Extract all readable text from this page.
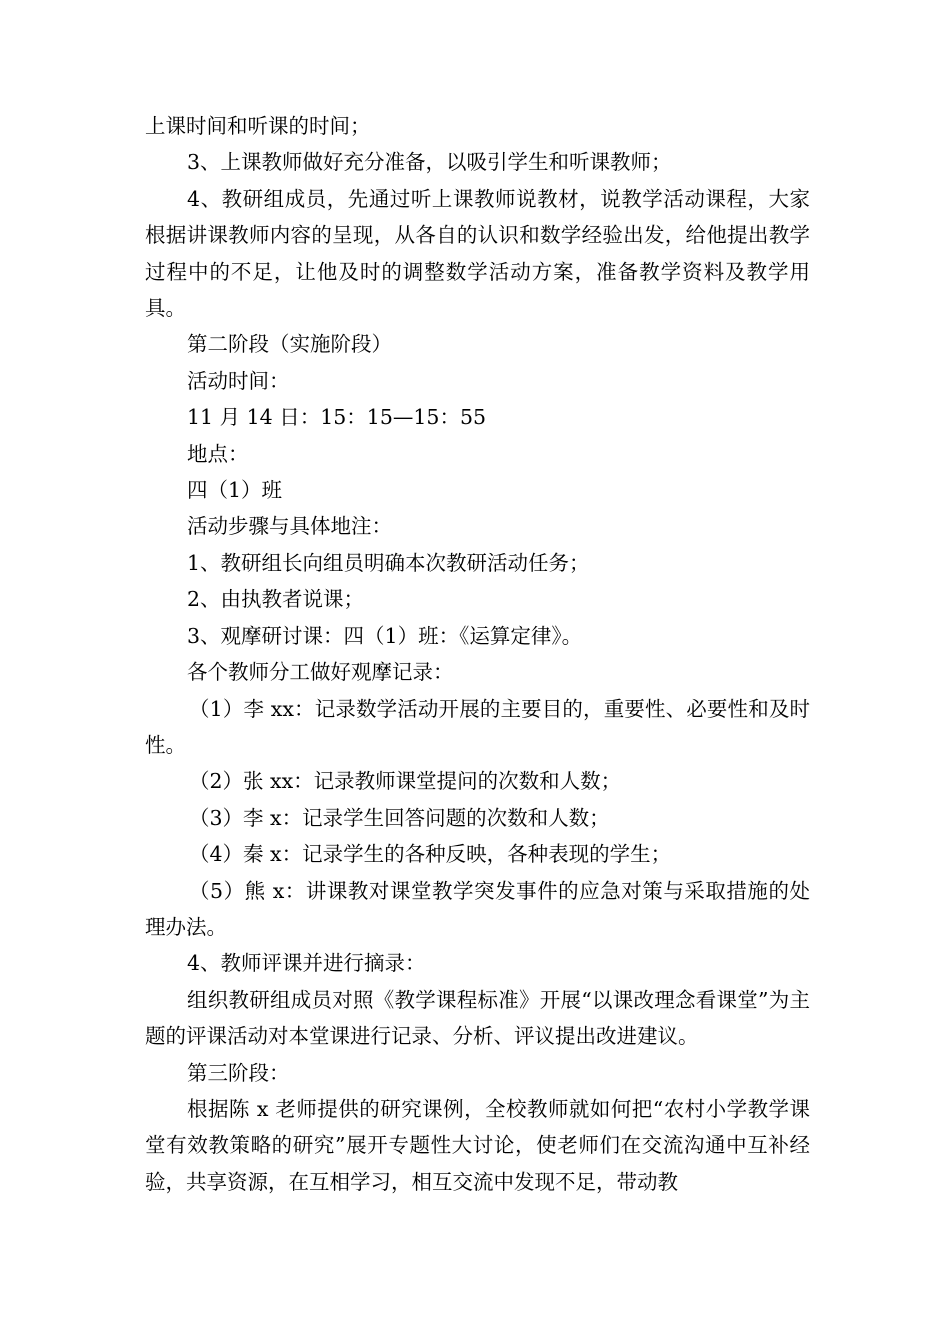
上课时间和听课的时间；

3、上课教师做好充分准备，以吸引学生和听课教师；

4、教研组成员，先通过听上课教师说教材，说教学活动课程，大家根据讲课教师内容的呈现，从各自的认识和数学经验出发，给他提出教学过程中的不足，让他及时的调整数学活动方案，准备教学资料及教学用具。

第二阶段（实施阶段）

活动时间：

11 月 14 日：15：15—15：55

地点：

四（1）班

活动步骤与具体地注：

1、教研组长向组员明确本次教研活动任务；

2、由执教者说课；

3、观摩研讨课：四（1）班：《运算定律》。

各个教师分工做好观摩记录：

（1）李 xx：记录数学活动开展的主要目的，重要性、必要性和及时性。

（2）张 xx：记录教师课堂提问的次数和人数；

（3）李 x：记录学生回答问题的次数和人数；

（4）秦 x：记录学生的各种反映，各种表现的学生；

（5）熊 x：讲课教对课堂教学突发事件的应急对策与采取措施的处理办法。

4、教师评课并进行摘录：

组织教研组成员对照《教学课程标准》开展“以课改理念看课堂”为主题的评课活动对本堂课进行记录、分析、评议提出改进建议。

第三阶段：

根据陈 x 老师提供的研究课例，全校教师就如何把“农村小学教学课堂有效教策略的研究”展开专题性大讨论，使老师们在交流沟通中互补经验，共享资源，在互相学习，相互交流中发现不足，带动教
